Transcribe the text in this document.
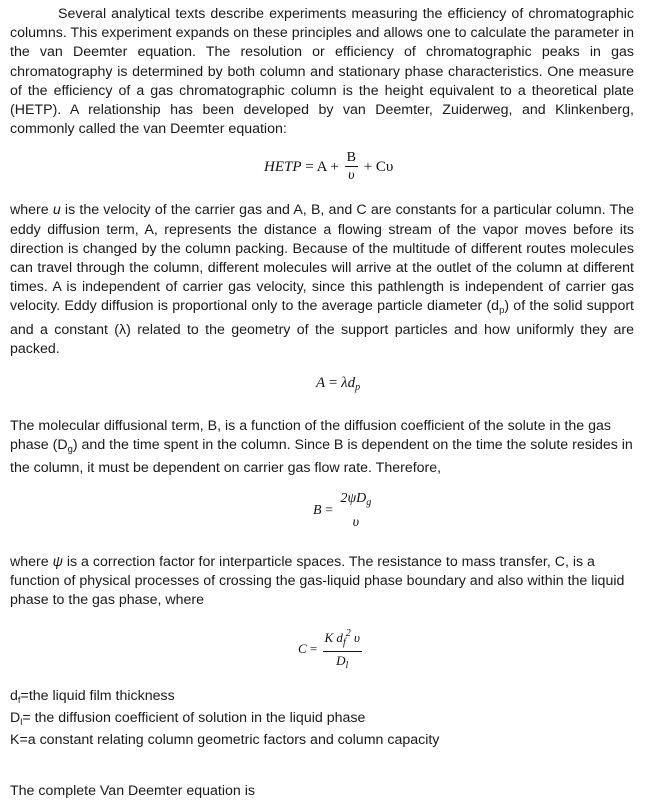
Several analytical texts describe experiments measuring the efficiency of chromatographic columns. This experiment expands on these principles and allows one to calculate the parameter in the van Deemter equation. The resolution or efficiency of chromatographic peaks in gas chromatography is determined by both column and stationary phase characteristics. One measure of the efficiency of a gas chromatographic column is the height equivalent to a theoretical plate (HETP). A relationship has been developed by van Deemter, Zuiderweg, and Klinkenberg, commonly called the van Deemter equation:

HETP = $A + \frac{B}{\upsilon} + C\upsilon$

where u is the velocity of the carrier gas and A, B, and C are constants for a particular column. The eddy diffusion term, A, represents the distance a flowing stream of the vapor moves before its direction is changed by the column packing. Because of the multitude of different routes molecules can travel through the column, different molecules will arrive at the outlet of the column at different times. A is independent of carrier gas velocity, since this pathlength is independent of carrier gas velocity. Eddy diffusion is proportional only to the average particle diameter $(d_p)$ of the solid support and a constant (λ) related to the geometry of the support particles and how uniformly they are packed.

$A = \lambda d_p$

The molecular diffusional term, B, is a function of the diffusion coefficient of the solute in the gas phase $(D_g)$ and the time spent in the column. Since B is dependent on the time the solute resides in the column, it must be dependent on carrier gas flow rate. Therefore,

B =
$2\psi D_g$
υ

where ψ is a correction factor for interparticle spaces. The resistance to mass transfer, C, is a function of physical processes of crossing the gas-liquid phase boundary and also within the liquid phase to the gas phase, where

$C = \frac{K d_f^2 \upsilon}{D_l}$

$d_f=the$ liquid film thickness

$D_l=$ the diffusion coefficient of solution in the liquid phase

K=a constant relating column geometric factors and column capacity

The complete Van Deemter equation is
